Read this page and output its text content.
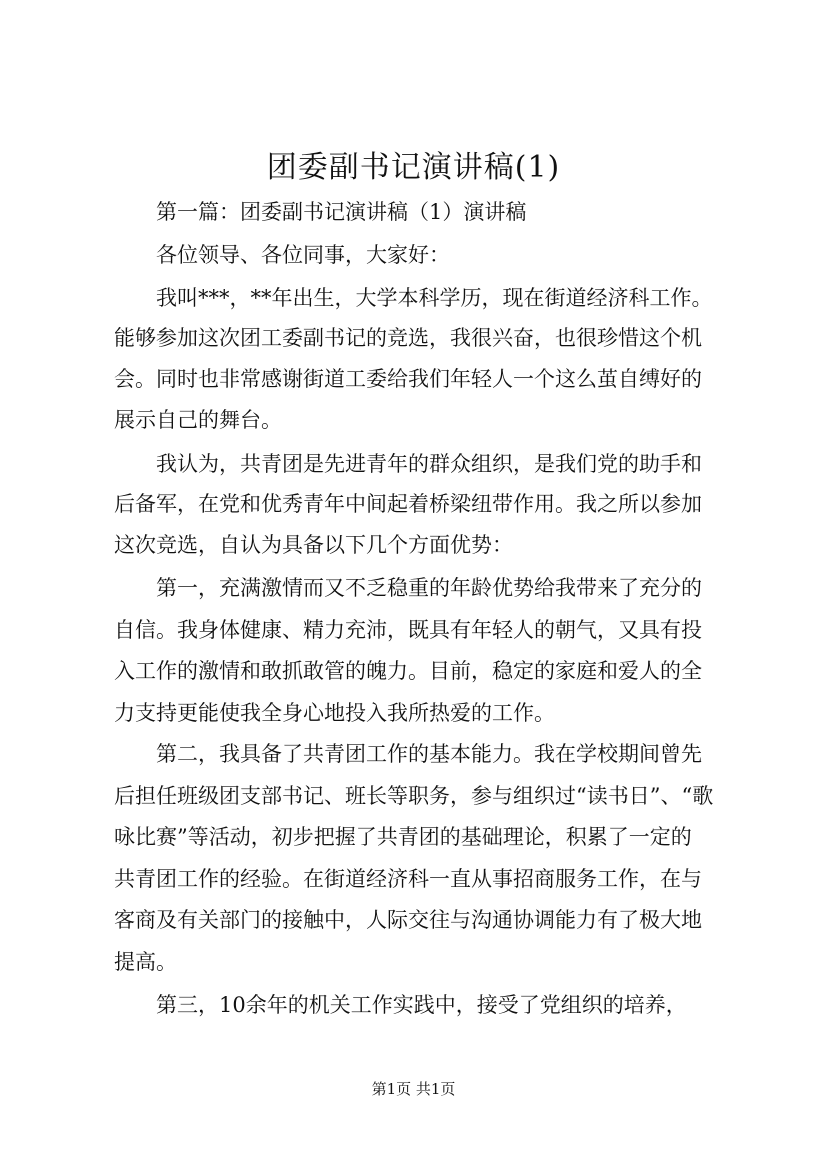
团委副书记演讲稿(1)
第一篇：团委副书记演讲稿（1）演讲稿
各位领导、各位同事，大家好：
我叫***，**年出生，大学本科学历，现在街道经济科工作。
能够参加这次团工委副书记的竞选，我很兴奋，也很珍惜这个机
会。同时也非常感谢街道工委给我们年轻人一个这么茧自缚好的
展示自己的舞台。
我认为，共青团是先进青年的群众组织，是我们党的助手和
后备军，在党和优秀青年中间起着桥梁纽带作用。我之所以参加
这次竞选，自认为具备以下几个方面优势：
第一，充满激情而又不乏稳重的年龄优势给我带来了充分的
自信。我身体健康、精力充沛，既具有年轻人的朝气，又具有投
入工作的激情和敢抓敢管的魄力。目前，稳定的家庭和爱人的全
力支持更能使我全身心地投入我所热爱的工作。
第二，我具备了共青团工作的基本能力。我在学校期间曾先
后担任班级团支部书记、班长等职务，参与组织过“读书日”、“歌
咏比赛”等活动，初步把握了共青团的基础理论，积累了一定的
共青团工作的经验。在街道经济科一直从事招商服务工作，在与
客商及有关部门的接触中，人际交往与沟通协调能力有了极大地
提高。
第三，10余年的机关工作实践中，接受了党组织的培养，
第1页 共1页
